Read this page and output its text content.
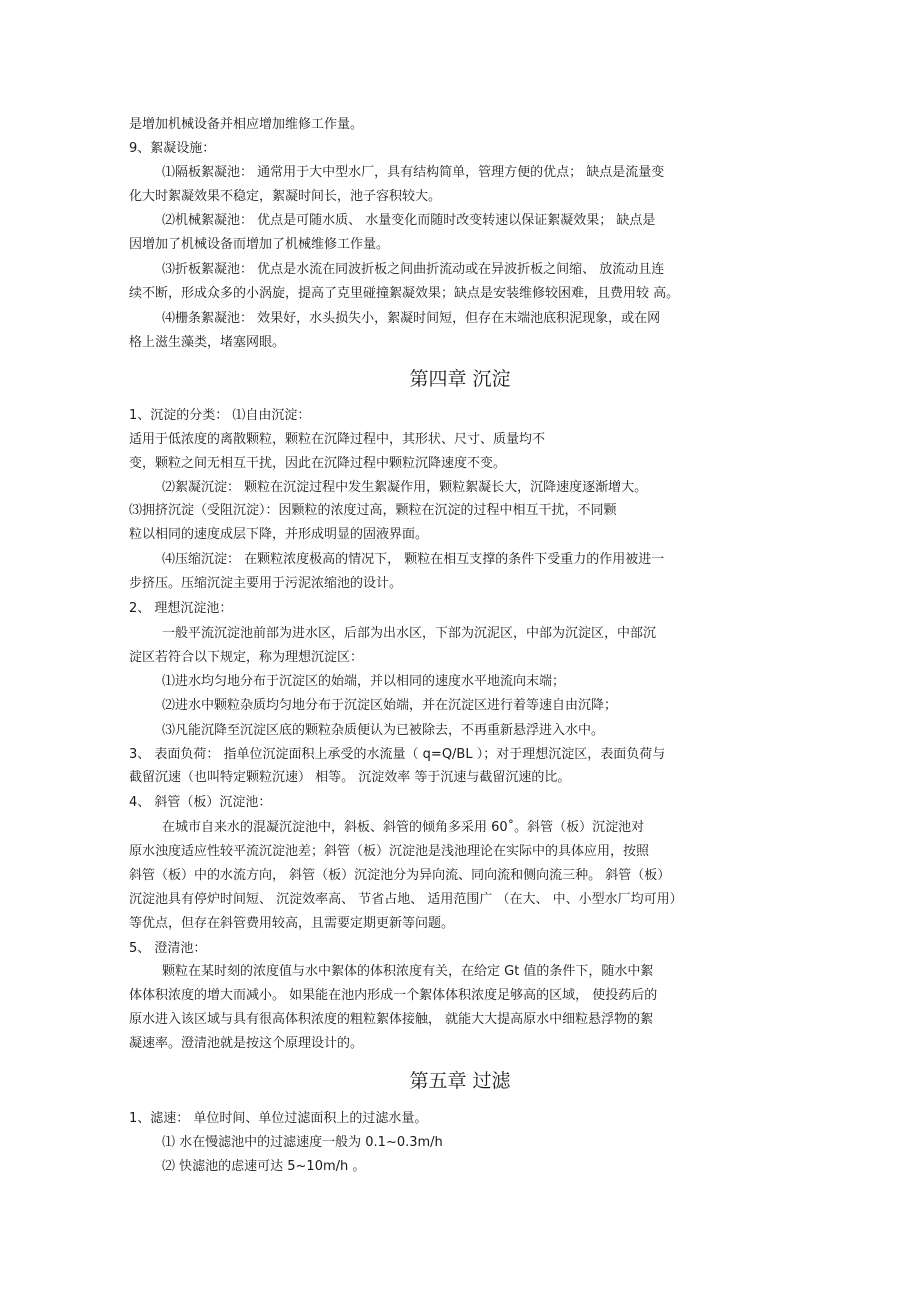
是增加机械设备并相应增加维修工作量。
9、絮凝设施：
⑴隔板絮凝池： 通常用于大中型水厂，具有结构简单，管理方便的优点； 缺点是流量变
化大时絮凝效果不稳定，絮凝时间长，池子容积较大。
⑵机械絮凝池： 优点是可随水质、 水量变化而随时改变转速以保证絮凝效果； 缺点是
因增加了机械设备而增加了机械维修工作量。
⑶折板絮凝池： 优点是水流在同波折板之间曲折流动或在异波折板之间缩、 放流动且连
续不断，形成众多的小涡旋，提高了克里碰撞絮凝效果；缺点是安装维修较困难，且费用较 高。
⑷栅条絮凝池： 效果好，水头损失小，絮凝时间短，但存在末端池底积泥现象，或在网
格上滋生藻类，堵塞网眼。
第四章 沉淀
1、沉淀的分类： ⑴自由沉淀：
适用于低浓度的离散颗粒，颗粒在沉降过程中，其形状、尺寸、质量均不
变，颗粒之间无相互干扰，因此在沉降过程中颗粒沉降速度不变。
⑵絮凝沉淀： 颗粒在沉淀过程中发生絮凝作用，颗粒絮凝长大，沉降速度逐渐增大。
⑶拥挤沉淀（受阻沉淀）：因颗粒的浓度过高，颗粒在沉淀的过程中相互干扰，不同颗
粒以相同的速度成层下降，并形成明显的固液界面。
⑷压缩沉淀： 在颗粒浓度极高的情况下， 颗粒在相互支撑的条件下受重力的作用被进一
步挤压。压缩沉淀主要用于污泥浓缩池的设计。
2、 理想沉淀池：
一般平流沉淀池前部为进水区，后部为出水区，下部为沉泥区，中部为沉淀区，中部沉
淀区若符合以下规定，称为理想沉淀区：
⑴进水均匀地分布于沉淀区的始端，并以相同的速度水平地流向末端；
⑵进水中颗粒杂质均匀地分布于沉淀区始端，并在沉淀区进行着等速自由沉降；
⑶凡能沉降至沉淀区底的颗粒杂质便认为已被除去，不再重新悬浮进入水中。
3、 表面负荷： 指单位沉淀面积上承受的水流量（ q=Q/BL ）；对于理想沉淀区，表面负荷与
截留沉速（也叫特定颗粒沉速） 相等。 沉淀效率 等于沉速与截留沉速的比。
4、 斜管（板）沉淀池：
在城市自来水的混凝沉淀池中，斜板、斜管的倾角多采用 60˚。斜管（板）沉淀池对
原水浊度适应性较平流沉淀池差；斜管（板）沉淀池是浅池理论在实际中的具体应用，按照
斜管（板）中的水流方向， 斜管（板）沉淀池分为异向流、同向流和侧向流三种。 斜管（板）
沉淀池具有停炉时间短、 沉淀效率高、 节省占地、 适用范围广 （在大、 中、小型水厂均可用）
等优点，但存在斜管费用较高，且需要定期更新等问题。
5、 澄清池：
颗粒在某时刻的浓度值与水中絮体的体积浓度有关，在给定 Gt 值的条件下，随水中絮
体体积浓度的增大而减小。 如果能在池内形成一个絮体体积浓度足够高的区域， 使投药后的
原水进入该区域与具有很高体积浓度的粗粒絮体接触， 就能大大提高原水中细粒悬浮物的絮
凝速率。澄清池就是按这个原理设计的。
第五章 过滤
1、滤速： 单位时间、单位过滤面积上的过滤水量。
⑴ 水在慢滤池中的过滤速度一般为 0.1~0.3m/h
⑵ 快滤池的虑速可达 5~10m/h 。
